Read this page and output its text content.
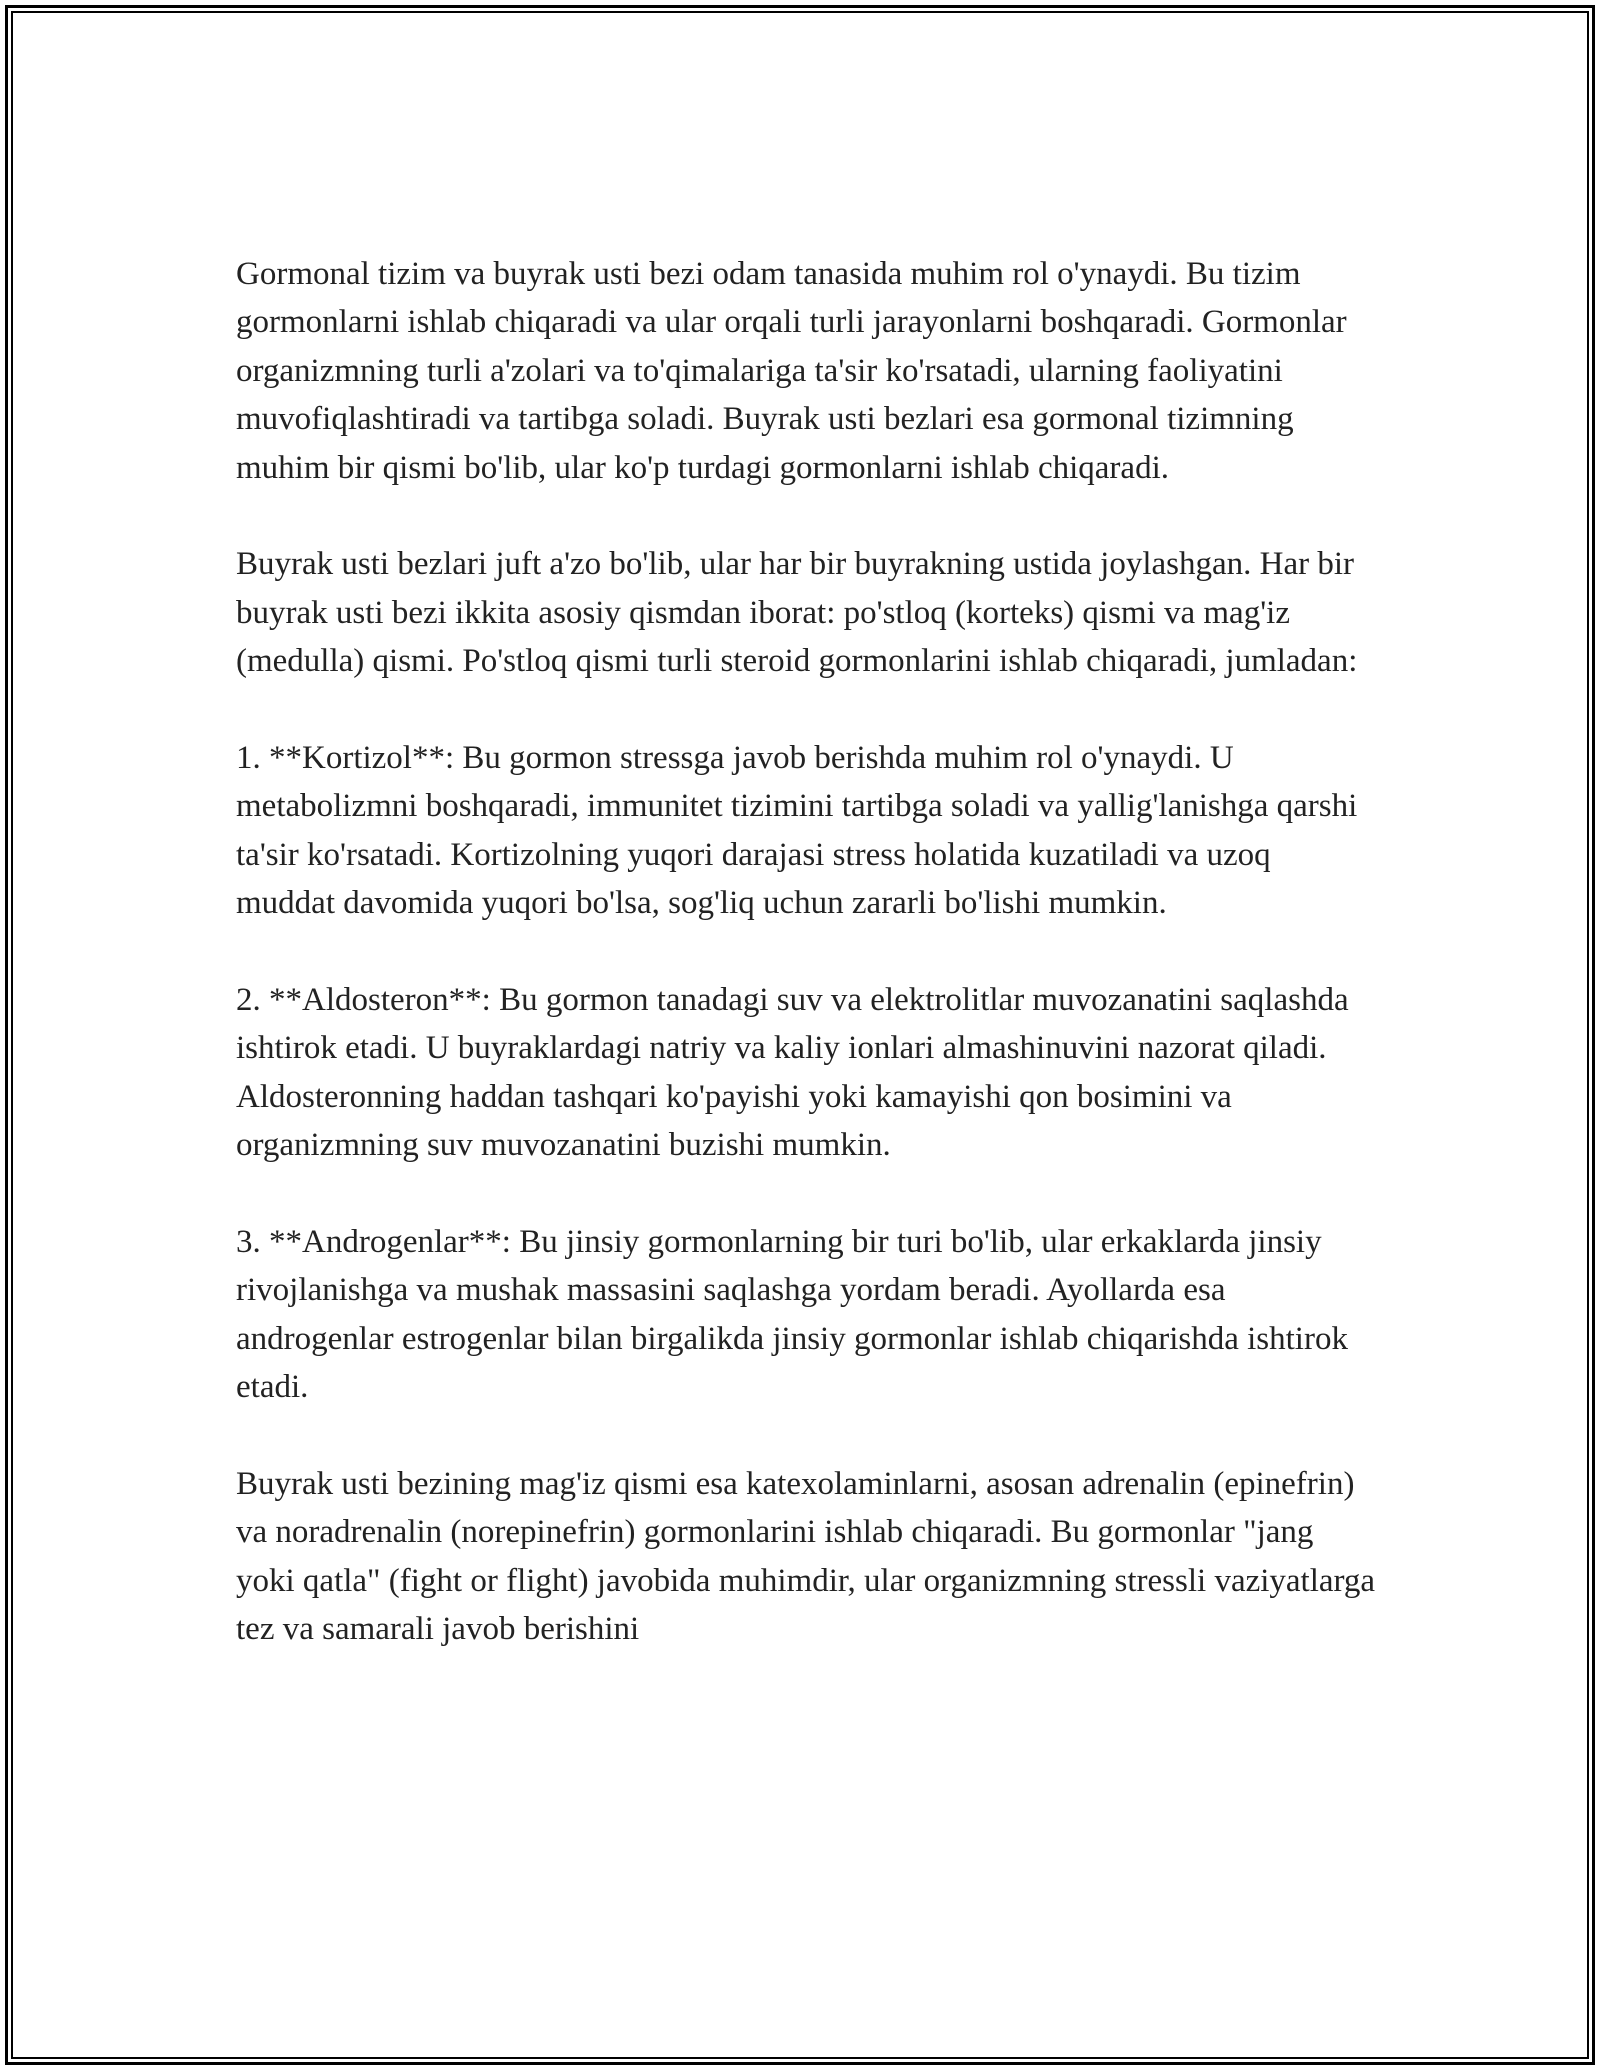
Gormonal tizim va buyrak usti bezi odam tanasida muhim rol o'ynaydi. Bu tizim gormonlarni ishlab chiqaradi va ular orqali turli jarayonlarni boshqaradi. Gormonlar organizmning turli a'zolari va to'qimalariga ta'sir ko'rsatadi, ularning faoliyatini muvofiqlashtiradi va tartibga soladi. Buyrak usti bezlari esa gormonal tizimning muhim bir qismi bo'lib, ular ko'p turdagi gormonlarni ishlab chiqaradi.

Buyrak usti bezlari juft a'zo bo'lib, ular har bir buyrakning ustida joylashgan. Har bir buyrak usti bezi ikkita asosiy qismdan iborat: po'stloq (korteks) qismi va mag'iz (medulla) qismi. Po'stloq qismi turli steroid gormonlarini ishlab chiqaradi, jumladan:

1. **Kortizol**: Bu gormon stressga javob berishda muhim rol o'ynaydi. U metabolizmni boshqaradi, immunitet tizimini tartibga soladi va yallig'lanishga qarshi ta'sir ko'rsatadi. Kortizolning yuqori darajasi stress holatida kuzatiladi va uzoq muddat davomida yuqori bo'lsa, sog'liq uchun zararli bo'lishi mumkin.

2. **Aldosteron**: Bu gormon tanadagi suv va elektrolitlar muvozanatini saqlashda ishtirok etadi. U buyraklardagi natriy va kaliy ionlari almashinuvini nazorat qiladi. Aldosteronning haddan tashqari ko'payishi yoki kamayishi qon bosimini va organizmning suv muvozanatini buzishi mumkin.

3. **Androgenlar**: Bu jinsiy gormonlarning bir turi bo'lib, ular erkaklarda jinsiy rivojlanishga va mushak massasini saqlashga yordam beradi. Ayollarda esa androgenlar estrogenlar bilan birgalikda jinsiy gormonlar ishlab chiqarishda ishtirok etadi.

Buyrak usti bezining mag'iz qismi esa katexolaminlarni, asosan adrenalin (epinefrin) va noradrenalin (norepinefrin) gormonlarini ishlab chiqaradi. Bu gormonlar "jang yoki qatla" (fight or flight) javobida muhimdir, ular organizmning stressli vaziyatlarga tez va samarali javob berishini
